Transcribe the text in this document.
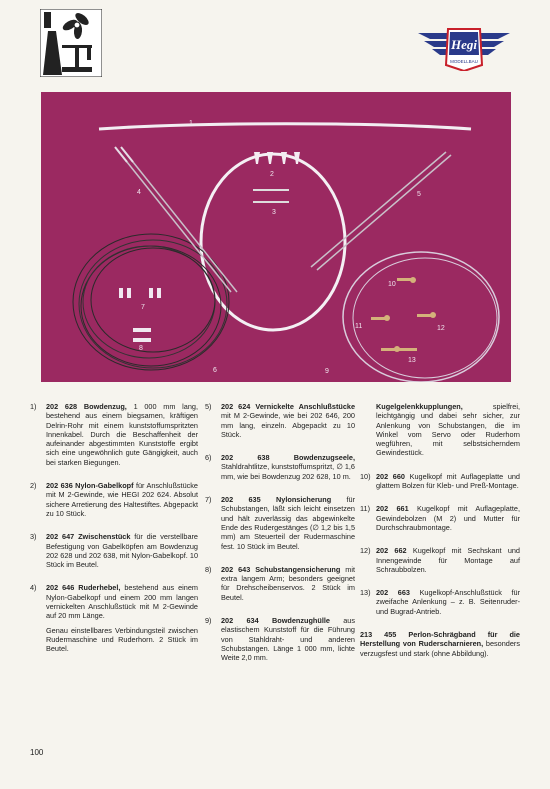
Hegi
MODELLBAU
1
2
3
4	5
6
7
8
9
10
11	12
13
1)	202 628 Bowdenzug, 1 000 mm lang, bestehend aus einem biegsamen, kräftigen Delrin-Rohr mit einem kunststoffumspritzten Innenkabel. Durch die Beschaffenheit der aufeinander abgestimmten Kunststoffe ergibt sich eine ungewöhnlich gute Gängigkeit, auch bei starken Biegungen.
2)	202 636 Nylon-Gabelkopf für Anschlußstücke mit M 2-Gewinde, wie HEGI 202 624. Absolut sichere Arretierung des Haltestiftes. Abgepackt zu 10 Stück.
3)	202 647 Zwischenstück für die verstellbare Befestigung von Gabelköpfen am Bowdenzug 202 628 und 202 638, mit Nylon-Gabelkopf. 10 Stück im Beutel.
4)	202 646 Ruderhebel, bestehend aus einem Nylon-Gabelkopf und einem 200 mm langen vernickelten Anschlußstück mit M 2-Gewinde auf 20 mm Länge.
Genau einstellbares Verbindungsteil zwischen Rudermaschine und Ruderhorn. 2 Stück im Beutel.
5)	202 624 Vernickelte Anschlußstücke mit M 2-Gewinde, wie bei 202 646, 200 mm lang, einzeln. Abgepackt zu 10 Stück.
6)	202 638	Bowdenzugseele, Stahldrahtlitze, kunststoffumspritzt, ∅ 1,6 mm, wie bei Bowdenzug 202 628, 10 m.
7)	202 635 Nylonsicherung für Schubstangen, läßt sich leicht einsetzen und hält zuverlässig das abgewinkelte Ende des Rudergestänges (∅ 1,2 bis 1,5 mm) am Steuerteil der Rudermaschine fest. 10 Stück im Beutel.
8)	202 643 Schubstangensicherung mit extra langem Arm; besonders geeignet für Drehscheibenservos. 2 Stück im Beutel.
9)	202 634 Bowdenzughülle aus elastischem Kunststoff für die Führung von Stahldraht- und anderen Schubstangen. Länge 1 000 mm, lichte Weite 2,0 mm.
Kugelgelenkkupplungen,	spielfrei, leichtgängig und dabei sehr sicher, zur Anlenkung von Schubstangen, die im Winkel vom Servo oder Ruderhorn wegführen, mit selbstsicherndem Gewindestück.
10) 202 660 Kugelkopf mit Auflageplatte und glattem Bolzen für Kleb- und Preß-Montage.
11) 202 661 Kugelkopf mit Auflageplatte, Gewindebolzen (M 2) und Mutter für Durchschraubmontage.
12) 202 662 Kugelkopf mit Sechskant und Innengewinde für Montage auf Schraubbolzen.
13) 202 663 Kugelkopf-Anschlußstück für zweifache Anlenkung – z. B. Seitenruder- und Bugrad-Antrieb.
213 455 Perlon-Schrägband für die Herstellung von Ruderscharnieren, besonders verzugsfest und stark (ohne Abbildung).
100
